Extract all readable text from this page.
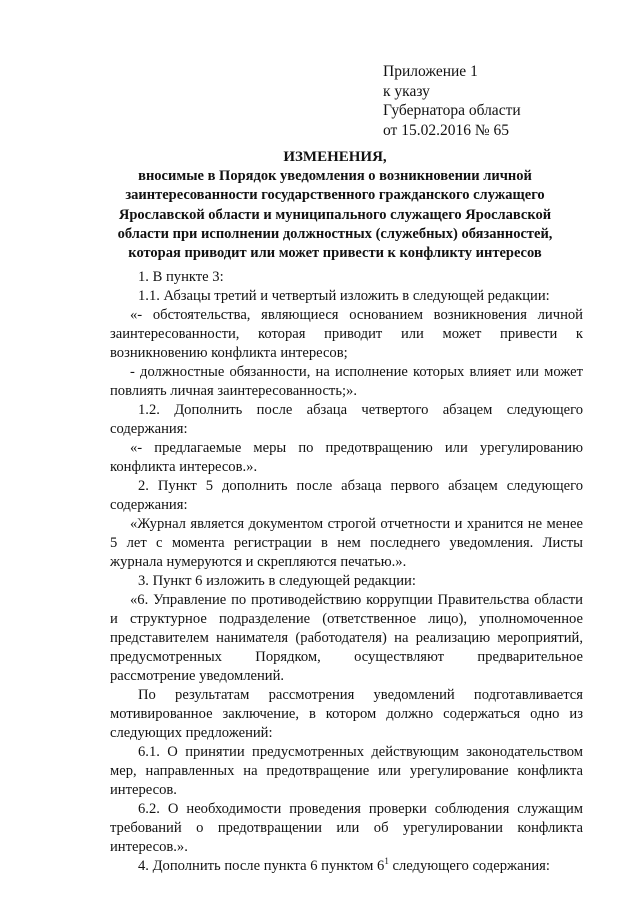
Приложение 1
к указу
Губернатора области
от 15.02.2016 № 65
ИЗМЕНЕНИЯ,
вносимые в Порядок уведомления о возникновении личной
заинтересованности государственного гражданского служащего
Ярославской области и муниципального служащего Ярославской
области при исполнении должностных (служебных) обязанностей,
которая приводит или может привести к конфликту интересов

1. В пункте 3:

1.1. Абзацы третий и четвертый изложить в следующей редакции:

«- обстоятельства, являющиеся основанием возникновения личной заинтересованности, которая приводит или может привести к возникновению конфликта интересов;

- должностные обязанности, на исполнение которых влияет или может повлиять личная заинтересованность;».

1.2. Дополнить после абзаца четвертого абзацем следующего содержания:

«- предлагаемые меры по предотвращению или урегулированию конфликта интересов.».

2. Пункт 5 дополнить после абзаца первого абзацем следующего содержания:

«Журнал является документом строгой отчетности и хранится не менее 5 лет с момента регистрации в нем последнего уведомления. Листы журнала нумеруются и скрепляются печатью.».

3. Пункт 6 изложить в следующей редакции:

«6. Управление по противодействию коррупции Правительства области и структурное подразделение (ответственное лицо), уполномоченное представителем нанимателя (работодателя) на реализацию мероприятий, предусмотренных Порядком, осуществляют предварительное рассмотрение уведомлений.

По результатам рассмотрения уведомлений подготавливается мотивированное заключение, в котором должно содержаться одно из следующих предложений:

6.1. О принятии предусмотренных действующим законодательством мер, направленных на предотвращение или урегулирование конфликта интересов.

6.2. О необходимости проведения проверки соблюдения служащим требований о предотвращении или об урегулировании конфликта интересов.».

4. Дополнить после пункта 6 пунктом $6^1$ следующего содержания:
